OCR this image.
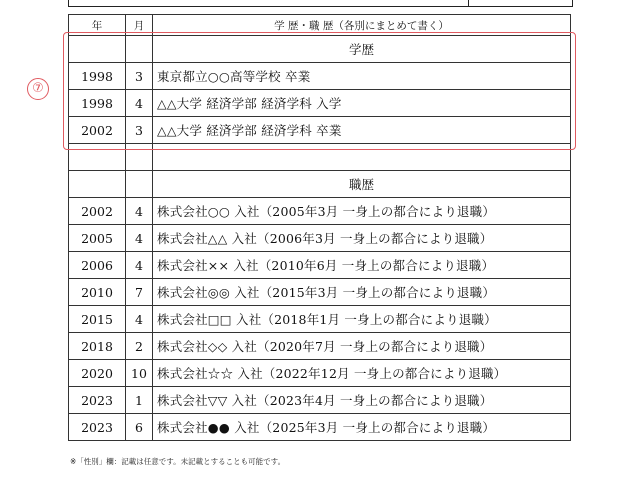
年	月	学 歴・職 歴（各別にまとめて書く）
		学歴
1998	3	東京都立○○高等学校 卒業
1998	4	△△大学 経済学部 経済学科 入学
2002	3	△△大学 経済学部 経済学科 卒業

⑦
		職歴
2002	4	株式会社○○ 入社（2005年3月 一身上の都合により退職）
2005	4	株式会社△△ 入社（2006年3月 一身上の都合により退職）
2006	4	株式会社×× 入社（2010年6月 一身上の都合により退職）
2010	7	株式会社◎◎ 入社（2015年3月 一身上の都合により退職）
2015	4	株式会社□□ 入社（2018年1月 一身上の都合により退職）
2018	2	株式会社◇◇ 入社（2020年7月 一身上の都合により退職）
2020	10	株式会社☆☆ 入社（2022年12月 一身上の都合により退職）
2023	1	株式会社▽▽ 入社（2023年4月 一身上の都合により退職）
2023	6	株式会社●● 入社（2025年3月 一身上の都合により退職）
※「性別」欄：記載は任意です。未記載とすることも可能です。
